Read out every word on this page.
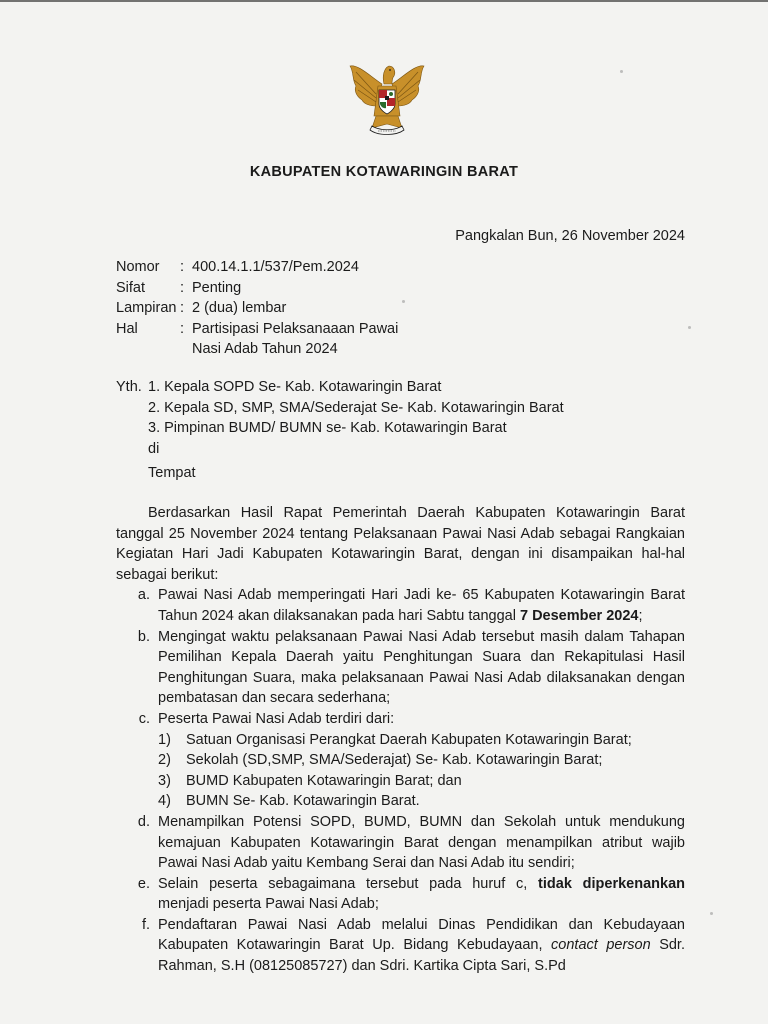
KABUPATEN KOTAWARINGIN BARAT
Pangkalan Bun, 26 November 2024
Nomor	: 400.14.1.1/537/Pem.2024
Sifat	: Penting
Lampiran : 2 (dua) lembar
Hal	: Partisipasi Pelaksanaaan Pawai
Nasi Adab Tahun 2024
Yth. 1. Kepala SOPD Se- Kab. Kotawaringin Barat
2. Kepala SD, SMP, SMA/Sederajat Se- Kab. Kotawaringin Barat
3. Pimpinan BUMD/ BUMN se- Kab. Kotawaringin Barat
di
Tempat
Berdasarkan Hasil Rapat Pemerintah Daerah Kabupaten Kotawaringin Barat tanggal 25 November 2024 tentang Pelaksanaan Pawai Nasi Adab sebagai Rangkaian Kegiatan Hari Jadi Kabupaten Kotawaringin Barat, dengan ini disampaikan hal-hal sebagai berikut:
a. Pawai Nasi Adab memperingati Hari Jadi ke- 65 Kabupaten Kotawaringin Barat Tahun 2024 akan dilaksanakan pada hari Sabtu tanggal 7 Desember 2024;
b. Mengingat waktu pelaksanaan Pawai Nasi Adab tersebut masih dalam Tahapan Pemilihan Kepala Daerah yaitu Penghitungan Suara dan Rekapitulasi Hasil Penghitungan Suara, maka pelaksanaan Pawai Nasi Adab dilaksanakan dengan pembatasan dan secara sederhana;
c. Peserta Pawai Nasi Adab terdiri dari:
1)	Satuan Organisasi Perangkat Daerah Kabupaten Kotawaringin Barat;
2)	Sekolah (SD,SMP, SMA/Sederajat) Se- Kab. Kotawaringin Barat;
3)	BUMD Kabupaten Kotawaringin Barat; dan
4)	BUMN Se- Kab. Kotawaringin Barat.
d. Menampilkan Potensi SOPD, BUMD, BUMN dan Sekolah untuk mendukung kemajuan Kabupaten Kotawaringin Barat dengan menampilkan atribut wajib Pawai Nasi Adab yaitu Kembang Serai dan Nasi Adab itu sendiri;
e. Selain peserta sebagaimana tersebut pada huruf c, tidak diperkenankan menjadi peserta Pawai Nasi Adab;
f. Pendaftaran Pawai Nasi Adab melalui Dinas Pendidikan dan Kebudayaan Kabupaten Kotawaringin Barat Up. Bidang Kebudayaan, contact person Sdr. Rahman, S.H (08125085727) dan Sdri. Kartika Cipta Sari, S.Pd
